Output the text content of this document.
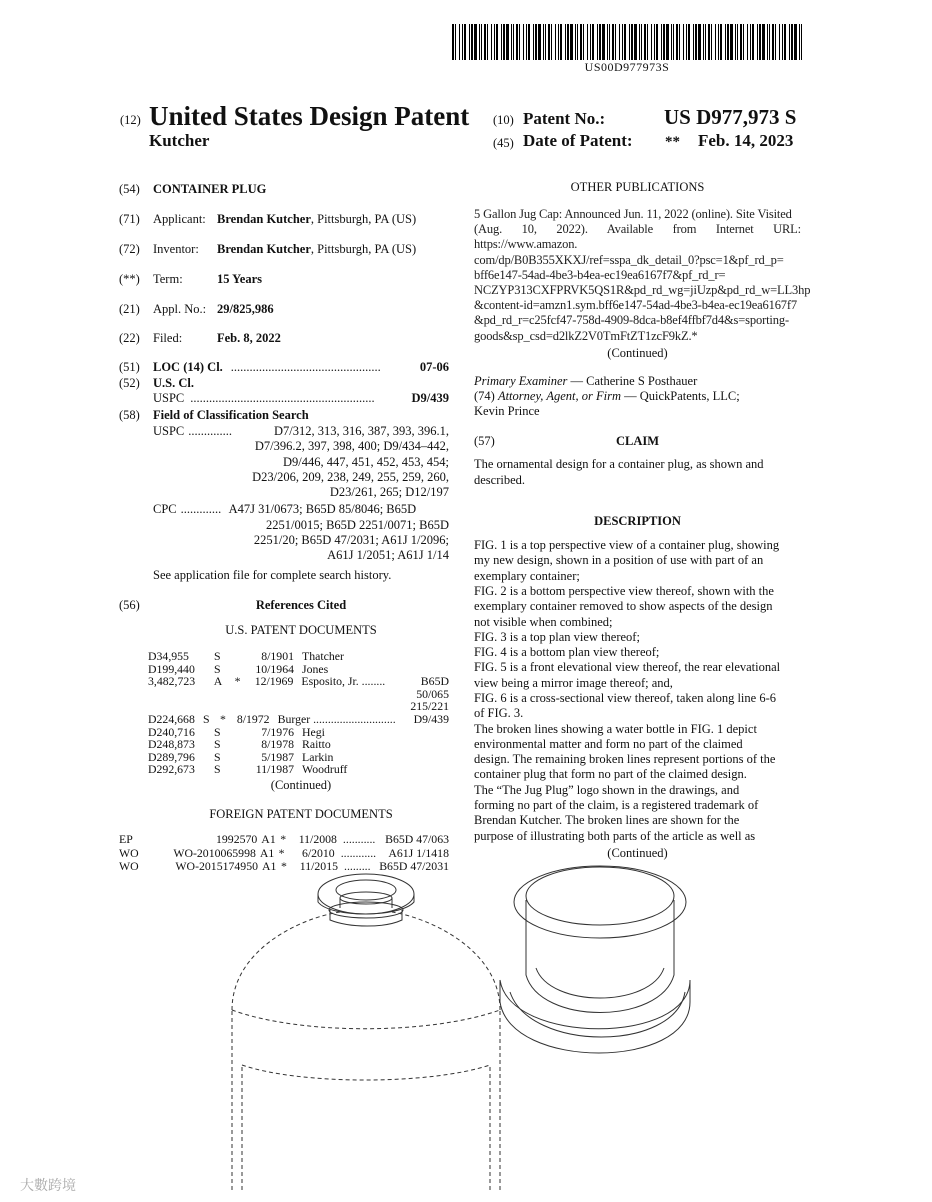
US00D977973S
(12) United States Design Patent
Kutcher
(10) Patent No.:	US D977,973 S
(45) Date of Patent: ** Feb. 14, 2023
(54)	CONTAINER PLUG
(71)	Applicant: Brendan Kutcher , Pittsburgh, PA (US)
(72)	Inventor:	Brendan Kutcher , Pittsburgh, PA (US)
(**)	Term:	15 Years
(21)	Appl. No.: 29/825,986
(22)	Filed:	Feb. 8, 2022
(51)	LOC (14) Cl. ................................................	07-06
(52)	U.S. Cl.
USPC ...........................................................	D9/439
(58)	Field of Classification Search
USPC ..............	D7/312, 313, 316, 387, 393, 396.1,
D7/396.2, 397, 398, 400; D9/434–442,
D9/446, 447, 451, 452, 453, 454;
D23/206, 209, 238, 249, 255, 259, 260,
D23/261, 265; D12/197
CPC ............. A47J 31/0673; B65D 85/8046; B65D
2251/0015; B65D 2251/0071; B65D
2251/20; B65D 47/2031; A61J 1/2096;
A61J 1/2051; A61J 1/14
See application file for complete search history.
(56)	References Cited
U.S. PATENT DOCUMENTS
D34,955	S	8/1901 Thatcher
D199,440	S	10/1964 Jones
3,482,723	A	*	12/1969 Esposito, Jr. ........	B65D 50/065
215/221
D224,668 S * 8/1972 Burger ............................	D9/439
D240,716	S	7/1976 Hegi
D248,873	S	8/1978 Raitto
D289,796	S	5/1987 Larkin
D292,673	S	11/1987 Woodruff
(Continued)
FOREIGN PATENT DOCUMENTS
EP	1992570 A1 *	11/2008 ........... B65D 47/063
WO	WO-2010065998 A1 *	6/2010 ............	A61J 1/1418
WO	WO-2015174950 A1 *	11/2015 ......... B65D 47/2031
OTHER PUBLICATIONS
5 Gallon Jug Cap: Announced Jun. 11, 2022 (online). Site Visited
(Aug. 10, 2022). Available from Internet URL: https://www.amazon.
com/dp/B0B355XKXJ/ref=sspa_dk_detail_0?psc=1&pf_rd_p=
bff6e147-54ad-4be3-b4ea-ec19ea6167f7&pf_rd_r=
NCZYP313CXFPRVK5QS1R&pd_rd_wg=jiUzp&pd_rd_w=LL3hp
&content-id=amzn1.sym.bff6e147-54ad-4be3-b4ea-ec19ea6167f7
&pd_rd_r=c25fcf47-758d-4909-8dca-b8ef4ffbf7d4&s=sporting-
goods&sp_csd=d2lkZ2V0TmFtZT1zcF9kZ.*
(Continued)
Primary Examiner — Catherine S Posthauer
(74) Attorney, Agent, or Firm — QuickPatents, LLC;
Kevin Prince
(57)	CLAIM
The ornamental design for a container plug, as shown and
described.
DESCRIPTION
FIG. 1 is a top perspective view of a container plug, showing
my new design, shown in a position of use with part of an
exemplary container;
FIG. 2 is a bottom perspective view thereof, shown with the
exemplary container removed to show aspects of the design
not visible when combined;
FIG. 3 is a top plan view thereof;
FIG. 4 is a bottom plan view thereof;
FIG. 5 is a front elevational view thereof, the rear elevational
view being a mirror image thereof; and,
FIG. 6 is a cross-sectional view thereof, taken along line 6-6
of FIG. 3.
The broken lines showing a water bottle in FIG. 1 depict
environmental matter and form no part of the claimed
design. The remaining broken lines represent portions of the
container plug that form no part of the claimed design.
The “The Jug Plug” logo shown in the drawings, and
forming no part of the claim, is a registered trademark of
Brendan Kutcher. The broken lines are shown for the
purpose of illustrating both parts of the article as well as
(Continued)
大數跨境
